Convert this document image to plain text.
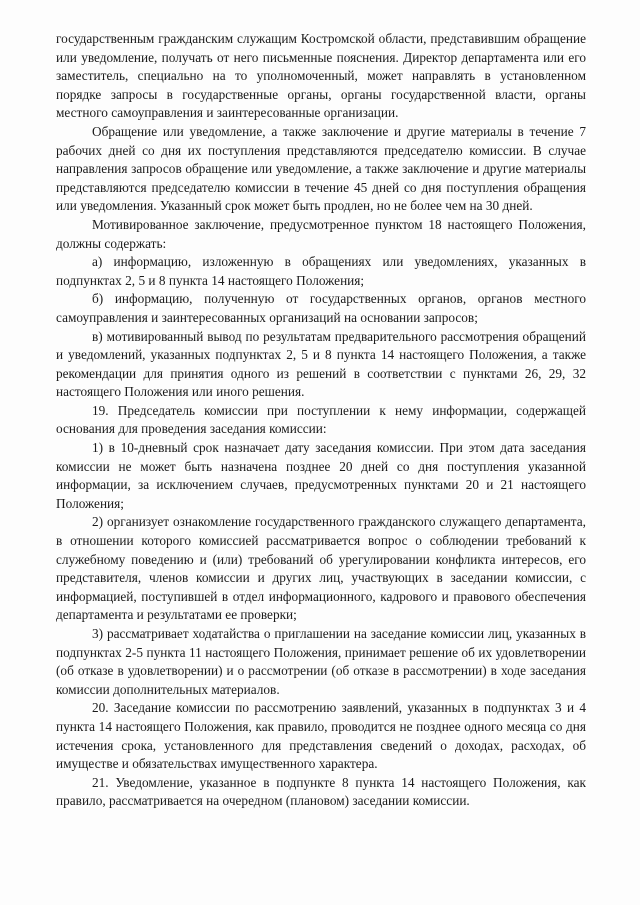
государственным гражданским служащим Костромской области, представившим обращение или уведомление, получать от него письменные пояснения. Директор департамента или его заместитель, специально на то уполномоченный, может направлять в установленном порядке запросы в государственные органы, органы государственной власти, органы местного самоуправления и заинтересованные организации.

Обращение или уведомление, а также заключение и другие материалы в течение 7 рабочих дней со дня их поступления представляются председателю комиссии. В случае направления запросов обращение или уведомление, а также заключение и другие материалы представляются председателю комиссии в течение 45 дней со дня поступления обращения или уведомления. Указанный срок может быть продлен, но не более чем на 30 дней.

Мотивированное заключение, предусмотренное пунктом 18 настоящего Положения, должны содержать:

а) информацию, изложенную в обращениях или уведомлениях, указанных в подпунктах 2, 5 и 8 пункта 14 настоящего Положения;

б) информацию, полученную от государственных органов, органов местного самоуправления и заинтересованных организаций на основании запросов;

в) мотивированный вывод по результатам предварительного рассмотрения обращений и уведомлений, указанных подпунктах 2, 5 и 8 пункта 14 настоящего Положения, а также рекомендации для принятия одного из решений в соответствии с пунктами 26, 29, 32 настоящего Положения или иного решения.

19. Председатель комиссии при поступлении к нему информации, содержащей основания для проведения заседания комиссии:

1) в 10-дневный срок назначает дату заседания комиссии. При этом дата заседания комиссии не может быть назначена позднее 20 дней со дня поступления указанной информации, за исключением случаев, предусмотренных пунктами 20 и 21 настоящего Положения;

2) организует ознакомление государственного гражданского служащего департамента, в отношении которого комиссией рассматривается вопрос о соблюдении требований к служебному поведению и (или) требований об урегулировании конфликта интересов, его представителя, членов комиссии и других лиц, участвующих в заседании комиссии, с информацией, поступившей в отдел информационного, кадрового и правового обеспечения департамента и результатами ее проверки;

3) рассматривает ходатайства о приглашении на заседание комиссии лиц, указанных в подпунктах 2-5 пункта 11 настоящего Положения, принимает решение об их удовлетворении (об отказе в удовлетворении) и о рассмотрении (об отказе в рассмотрении) в ходе заседания комиссии дополнительных материалов.

20. Заседание комиссии по рассмотрению заявлений, указанных в подпунктах 3 и 4 пункта 14 настоящего Положения, как правило, проводится не позднее одного месяца со дня истечения срока, установленного для представления сведений о доходах, расходах, об имуществе и обязательствах имущественного характера.

21. Уведомление, указанное в подпункте 8 пункта 14 настоящего Положения, как правило, рассматривается на очередном (плановом) заседании комиссии.
